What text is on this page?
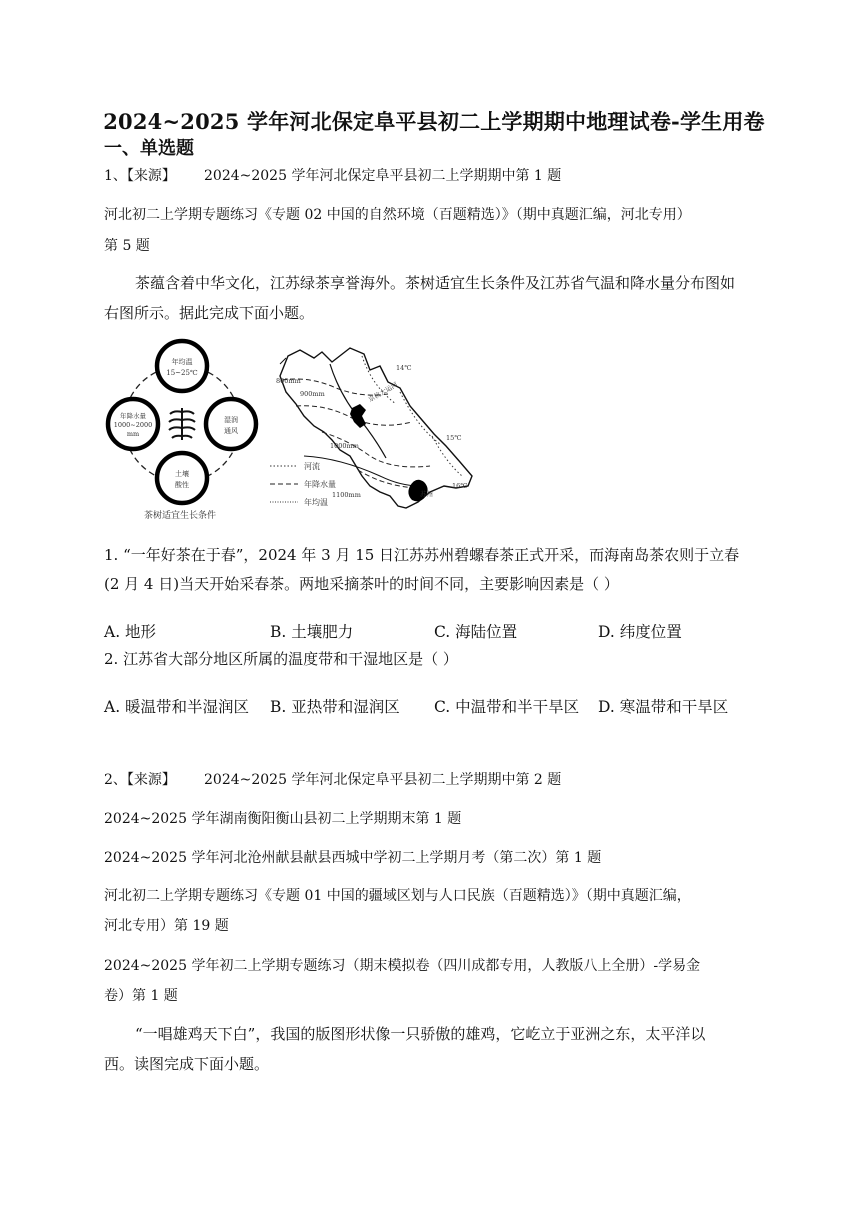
2024~2025 学年河北保定阜平县初二上学期期中地理试卷-学生用卷
一、单选题
1、【来源】 2024~2025 学年河北保定阜平县初二上学期期中第 1 题
河北初二上学期专题练习《专题 02 中国的自然环境（百题精选）》（期中真题汇编，河北专用）
第 5 题
茶蕴含着中华文化，江苏绿茶享誉海外。茶树适宜生长条件及江苏省气温和降水量分布图如
右图所示。据此完成下面小题。
年均温
15~25℃
年降水量
1000~2000
mm
湿润
通风
土壤
酸性
茶树适宜生长条件
800mm
900mm
1000mm
1100mm
14℃
15℃
16℃
京杭大运河
苏州
河流
年降水量
年均温
1. “一年好茶在于春”，2024 年 3 月 15 日江苏苏州碧螺春茶正式开采，而海南岛茶农则于立春
(2 月 4 日)当天开始采春茶。两地采摘茶叶的时间不同，主要影响因素是（ ）
A. 地形	B. 土壤肥力	C. 海陆位置	D. 纬度位置
2. 江苏省大部分地区所属的温度带和干湿地区是（ ）
A. 暖温带和半湿润区 B. 亚热带和湿润区 C. 中温带和半干旱区 D. 寒温带和干旱区
2、【来源】 2024~2025 学年河北保定阜平县初二上学期期中第 2 题
2024~2025 学年湖南衡阳衡山县初二上学期期末第 1 题
2024~2025 学年河北沧州献县献县西城中学初二上学期月考（第二次）第 1 题
河北初二上学期专题练习《专题 01 中国的疆域区划与人口民族（百题精选）》（期中真题汇编，
河北专用）第 19 题
2024~2025 学年初二上学期专题练习（期末模拟卷（四川成都专用，人教版八上全册）-学易金
卷）第 1 题
“一唱雄鸡天下白”，我国的版图形状像一只骄傲的雄鸡，它屹立于亚洲之东，太平洋以
西。读图完成下面小题。
